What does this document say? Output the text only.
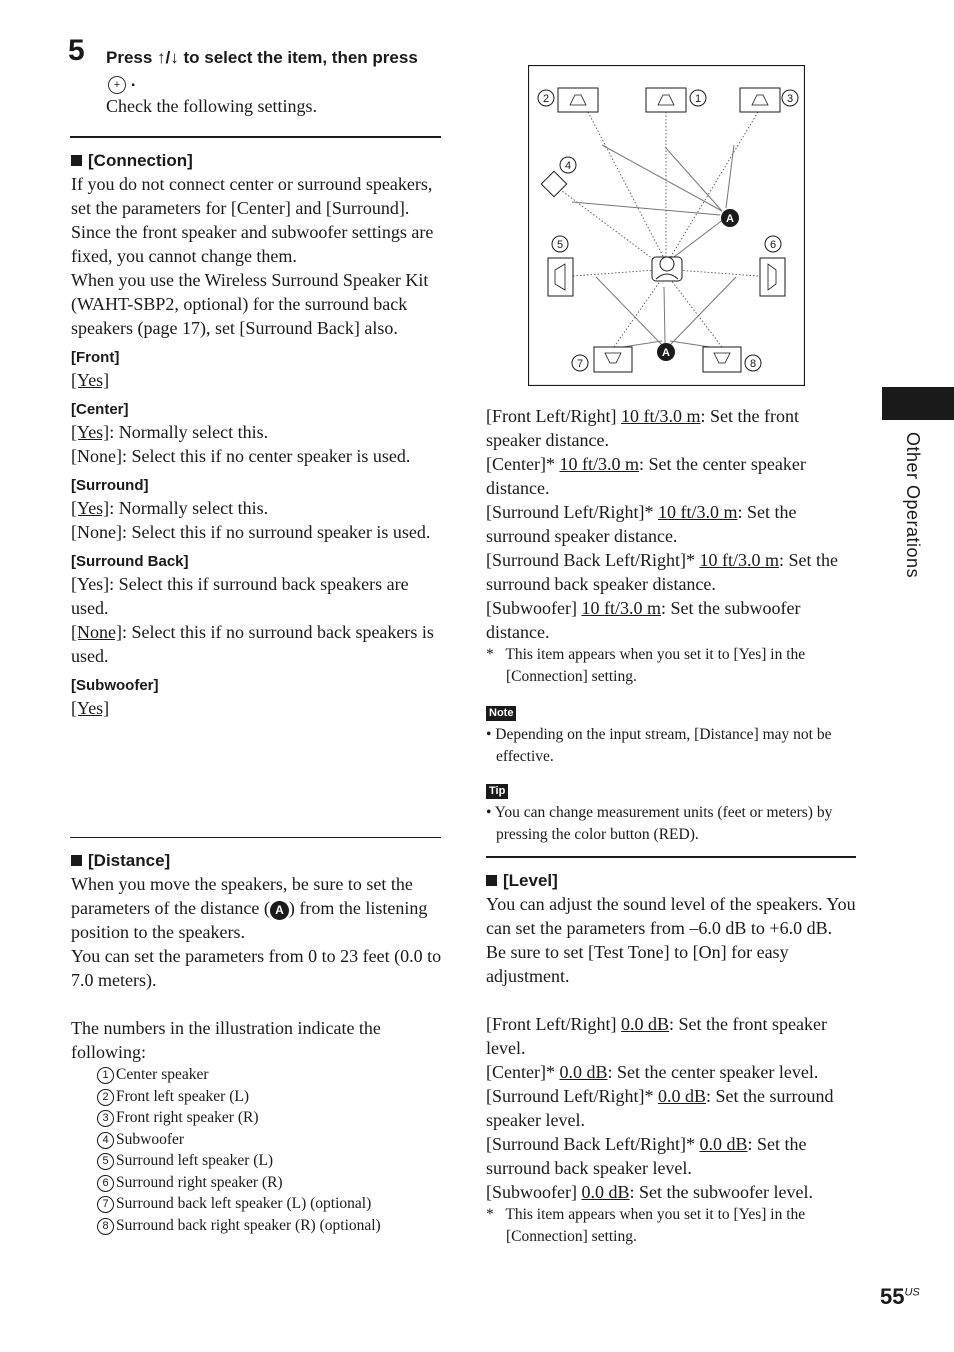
5 Press ↑/↓ to select the item, then press
+ .
Check the following settings.
[Connection]

If you do not connect center or surround speakers, set the parameters for [Center] and [Surround]. Since the front speaker and subwoofer settings are fixed, you cannot change them.

When you use the Wireless Surround Speaker Kit (WAHT-SBP2, optional) for the surround back speakers (page 17), set [Surround Back] also.

[Front]

[Yes]

[Center]

[Yes]: Normally select this.

[None]: Select this if no center speaker is used.

[Surround]

[Yes]: Normally select this.

[None]: Select this if no surround speaker is used.

[Surround Back]

[Yes]: Select this if surround back speakers are used.

[None]: Select this if no surround back speakers is used.

[Subwoofer]

[Yes]

[Distance]

When you move the speakers, be sure to set the parameters of the distance ( A ) from the listening position to the speakers.

You can set the parameters from 0 to 23 feet (0.0 to 7.0 meters).

The numbers in the illustration indicate the following:

1 Center speaker
2 Front left speaker (L)
3 Front right speaker (R)
4 Subwoofer
5 Surround left speaker (L)
6 Surround right speaker (R)
7 Surround back left speaker (L) (optional)
8 Surround back right speaker (R) (optional)
2	1	3
4
5	6
7	8
A
A

[Front Left/Right] 10 ft/3.0 m: Set the front speaker distance.

[Center]* 10 ft/3.0 m: Set the center speaker distance.

[Surround Left/Right]* 10 ft/3.0 m: Set the surround speaker distance.

[Surround Back Left/Right]* 10 ft/3.0 m: Set the surround back speaker distance.

[Subwoofer] 10 ft/3.0 m: Set the subwoofer distance.

* This item appears when you set it to [Yes] in the [Connection] setting.
Note
• Depending on the input stream, [Distance] may not be effective.
Tip
• You can change measurement units (feet or meters) by pressing the color button (RED).
[Level]

You can adjust the sound level of the speakers. You can set the parameters from –6.0 dB to +6.0 dB. Be sure to set [Test Tone] to [On] for easy adjustment.

[Front Left/Right] 0.0 dB: Set the front speaker level.

[Center]* 0.0 dB: Set the center speaker level.

[Surround Left/Right]* 0.0 dB: Set the surround speaker level.

[Surround Back Left/Right]* 0.0 dB: Set the surround back speaker level.

[Subwoofer] 0.0 dB: Set the subwoofer level.

* This item appears when you set it to [Yes] in the [Connection] setting.
Other Operations
$55^{US}$
